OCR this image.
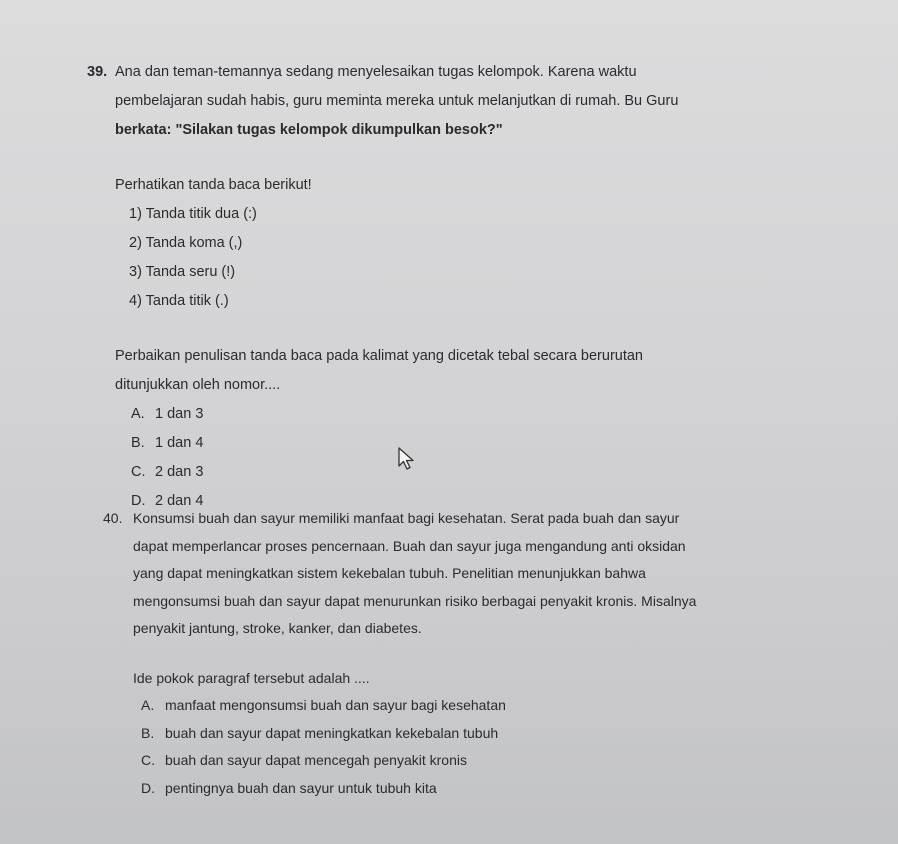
39. Ana dan teman-temannya sedang menyelesaikan tugas kelompok. Karena waktu
pembelajaran sudah habis, guru meminta mereka untuk melanjutkan di rumah. Bu Guru
berkata: "Silakan tugas kelompok dikumpulkan besok?"
Perhatikan tanda baca berikut!
1) Tanda titik dua (:)
2) Tanda koma (,)
3) Tanda seru (!)
4) Tanda titik (.)
Perbaikan penulisan tanda baca pada kalimat yang dicetak tebal secara berurutan
ditunjukkan oleh nomor....
A. 1 dan 3
B. 1 dan 4
C. 2 dan 3
D. 2 dan 4
40. Konsumsi buah dan sayur memiliki manfaat bagi kesehatan. Serat pada buah dan sayur
dapat memperlancar proses pencernaan. Buah dan sayur juga mengandung anti oksidan
yang dapat meningkatkan sistem kekebalan tubuh. Penelitian menunjukkan bahwa
mengonsumsi buah dan sayur dapat menurunkan risiko berbagai penyakit kronis. Misalnya
penyakit jantung, stroke, kanker, dan diabetes.
Ide pokok paragraf tersebut adalah ....
A. manfaat mengonsumsi buah dan sayur bagi kesehatan
B. buah dan sayur dapat meningkatkan kekebalan tubuh
C. buah dan sayur dapat mencegah penyakit kronis
D. pentingnya buah dan sayur untuk tubuh kita
